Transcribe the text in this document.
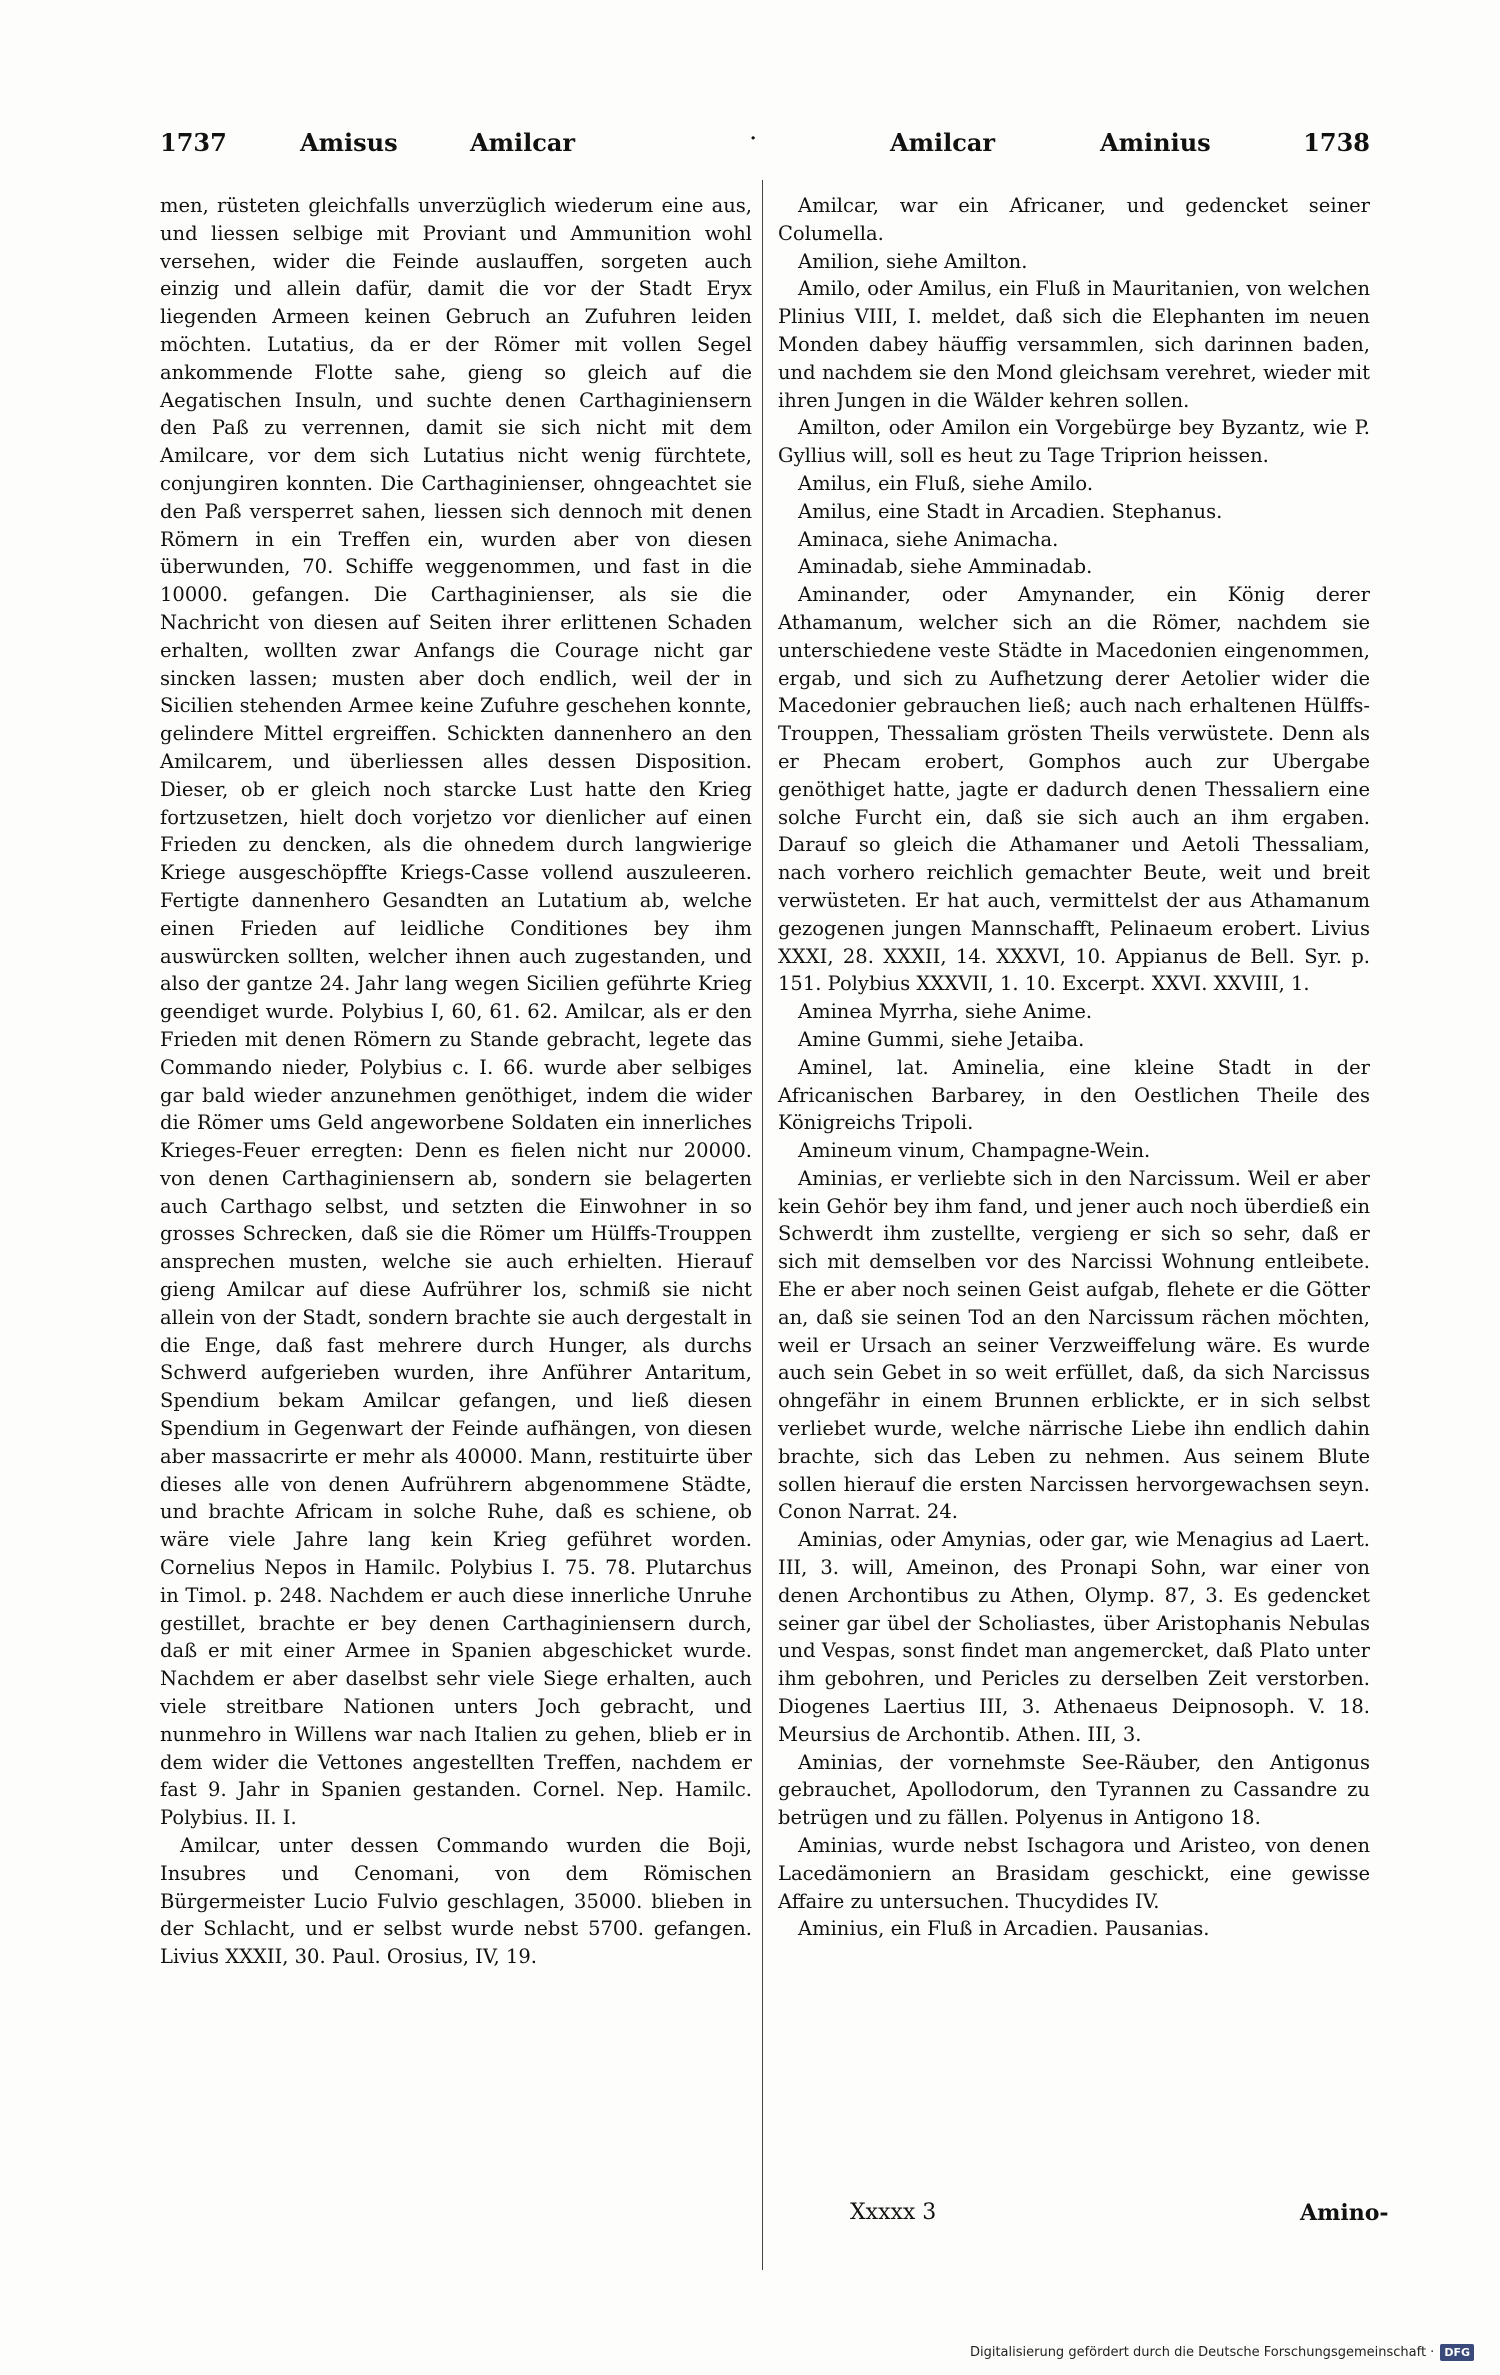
1737	Amisus	Amilcar	·	Amilcar	Aminius	1738

men, rüsteten gleichfalls unverzüglich wiederum eine aus, und liessen selbige mit Proviant und Ammunition wohl versehen, wider die Feinde auslauffen, sorgeten auch einzig und allein dafür, damit die vor der Stadt Eryx liegenden Armeen keinen Gebruch an Zufuhren leiden möchten. Lutatius, da er der Römer mit vollen Segel ankommende Flotte sahe, gieng so gleich auf die Aegatischen Insuln, und suchte denen Carthaginiensern den Paß zu verrennen, damit sie sich nicht mit dem Amilcare, vor dem sich Lutatius nicht wenig fürchtete, conjungiren konnten. Die Carthaginienser, ohngeachtet sie den Paß versperret sahen, liessen sich dennoch mit denen Römern in ein Treffen ein, wurden aber von diesen überwunden, 70. Schiffe weggenommen, und fast in die 10000. gefangen. Die Carthaginienser, als sie die Nachricht von diesen auf Seiten ihrer erlittenen Schaden erhalten, wollten zwar Anfangs die Courage nicht gar sincken lassen; musten aber doch endlich, weil der in Sicilien stehenden Armee keine Zufuhre geschehen konnte, gelindere Mittel ergreiffen. Schickten dannenhero an den Amilcarem, und überliessen alles dessen Disposition. Dieser, ob er gleich noch starcke Lust hatte den Krieg fortzusetzen, hielt doch vorjetzo vor dienlicher auf einen Frieden zu dencken, als die ohnedem durch langwierige Kriege ausgeschöpffte Kriegs-Casse vollend auszuleeren. Fertigte dannenhero Gesandten an Lutatium ab, welche einen Frieden auf leidliche Conditiones bey ihm auswürcken sollten, welcher ihnen auch zugestanden, und also der gantze 24. Jahr lang wegen Sicilien geführte Krieg geendiget wurde. Polybius I, 60, 61. 62. Amilcar, als er den Frieden mit denen Römern zu Stande gebracht, legete das Commando nieder, Polybius c. I. 66. wurde aber selbiges gar bald wieder anzunehmen genöthiget, indem die wider die Römer ums Geld angeworbene Soldaten ein innerliches Krieges-Feuer erregten: Denn es fielen nicht nur 20000. von denen Carthaginiensern ab, sondern sie belagerten auch Carthago selbst, und setzten die Einwohner in so grosses Schrecken, daß sie die Römer um Hülffs-Trouppen ansprechen musten, welche sie auch erhielten. Hierauf gieng Amilcar auf diese Aufrührer los, schmiß sie nicht allein von der Stadt, sondern brachte sie auch dergestalt in die Enge, daß fast mehrere durch Hunger, als durchs Schwerd aufgerieben wurden, ihre Anführer Antaritum, Spendium bekam Amilcar gefangen, und ließ diesen Spendium in Gegenwart der Feinde aufhängen, von diesen aber massacrirte er mehr als 40000. Mann, restituirte über dieses alle von denen Aufrührern abgenommene Städte, und brachte Africam in solche Ruhe, daß es schiene, ob wäre viele Jahre lang kein Krieg geführet worden. Cornelius Nepos in Hamilc. Polybius I. 75. 78. Plutarchus in Timol. p. 248. Nachdem er auch diese innerliche Unruhe gestillet, brachte er bey denen Carthaginiensern durch, daß er mit einer Armee in Spanien abgeschicket wurde. Nachdem er aber daselbst sehr viele Siege erhalten, auch viele streitbare Nationen unters Joch gebracht, und nunmehro in Willens war nach Italien zu gehen, blieb er in dem wider die Vettones angestellten Treffen, nachdem er fast 9. Jahr in Spanien gestanden. Cornel. Nep. Hamilc. Polybius. II. I.

Amilcar, unter dessen Commando wurden die Boji, Insubres und Cenomani, von dem Römischen Bürgermeister Lucio Fulvio geschlagen, 35000. blieben in der Schlacht, und er selbst wurde nebst 5700. gefangen. Livius XXXII, 30. Paul. Orosius, IV, 19.

Amilcar, war ein Africaner, und gedencket seiner Columella.

Amilion, siehe Amilton.

Amilo, oder Amilus, ein Fluß in Mauritanien, von welchen Plinius VIII, I. meldet, daß sich die Elephanten im neuen Monden dabey häuffig versammlen, sich darinnen baden, und nachdem sie den Mond gleichsam verehret, wieder mit ihren Jungen in die Wälder kehren sollen.

Amilton, oder Amilon ein Vorgebürge bey Byzantz, wie P. Gyllius will, soll es heut zu Tage Triprion heissen.

Amilus, ein Fluß, siehe Amilo.

Amilus, eine Stadt in Arcadien. Stephanus.

Aminaca, siehe Animacha.

Aminadab, siehe Amminadab.

Aminander, oder Amynander, ein König derer Athamanum, welcher sich an die Römer, nachdem sie unterschiedene veste Städte in Macedonien eingenommen, ergab, und sich zu Aufhetzung derer Aetolier wider die Macedonier gebrauchen ließ; auch nach erhaltenen Hülffs-Trouppen, Thessaliam grösten Theils verwüstete. Denn als er Phecam erobert, Gomphos auch zur Ubergabe genöthiget hatte, jagte er dadurch denen Thessaliern eine solche Furcht ein, daß sie sich auch an ihm ergaben. Darauf so gleich die Athamaner und Aetoli Thessaliam, nach vorhero reichlich gemachter Beute, weit und breit verwüsteten. Er hat auch, vermittelst der aus Athamanum gezogenen jungen Mannschafft, Pelinaeum erobert. Livius XXXI, 28. XXXII, 14. XXXVI, 10. Appianus de Bell. Syr. p. 151. Polybius XXXVII, 1. 10. Excerpt. XXVI. XXVIII, 1.

Aminea Myrrha, siehe Anime.

Amine Gummi, siehe Jetaiba.

Aminel, lat. Aminelia, eine kleine Stadt in der Africanischen Barbarey, in den Oestlichen Theile des Königreichs Tripoli.

Amineum vinum, Champagne-Wein.

Aminias, er verliebte sich in den Narcissum. Weil er aber kein Gehör bey ihm fand, und jener auch noch überdieß ein Schwerdt ihm zustellte, vergieng er sich so sehr, daß er sich mit demselben vor des Narcissi Wohnung entleibete. Ehe er aber noch seinen Geist aufgab, flehete er die Götter an, daß sie seinen Tod an den Narcissum rächen möchten, weil er Ursach an seiner Verzweiffelung wäre. Es wurde auch sein Gebet in so weit erfüllet, daß, da sich Narcissus ohngefähr in einem Brunnen erblickte, er in sich selbst verliebet wurde, welche närrische Liebe ihn endlich dahin brachte, sich das Leben zu nehmen. Aus seinem Blute sollen hierauf die ersten Narcissen hervorgewachsen seyn. Conon Narrat. 24.

Aminias, oder Amynias, oder gar, wie Menagius ad Laert. III, 3. will, Ameinon, des Pronapi Sohn, war einer von denen Archontibus zu Athen, Olymp. 87, 3. Es gedencket seiner gar übel der Scholiastes, über Aristophanis Nebulas und Vespas, sonst findet man angemercket, daß Plato unter ihm gebohren, und Pericles zu derselben Zeit verstorben. Diogenes Laertius III, 3. Athenaeus Deipnosoph. V. 18. Meursius de Archontib. Athen. III, 3.

Aminias, der vornehmste See-Räuber, den Antigonus gebrauchet, Apollodorum, den Tyrannen zu Cassandre zu betrügen und zu fällen. Polyenus in Antigono 18.

Aminias, wurde nebst Ischagora und Aristeo, von denen Lacedämoniern an Brasidam geschickt, eine gewisse Affaire zu untersuchen. Thucydides IV.

Aminius, ein Fluß in Arcadien. Pausanias.

Xxxxx 3	Amino-
Digitalisierung gefördert durch die Deutsche Forschungsgemeinschaft · DFG
